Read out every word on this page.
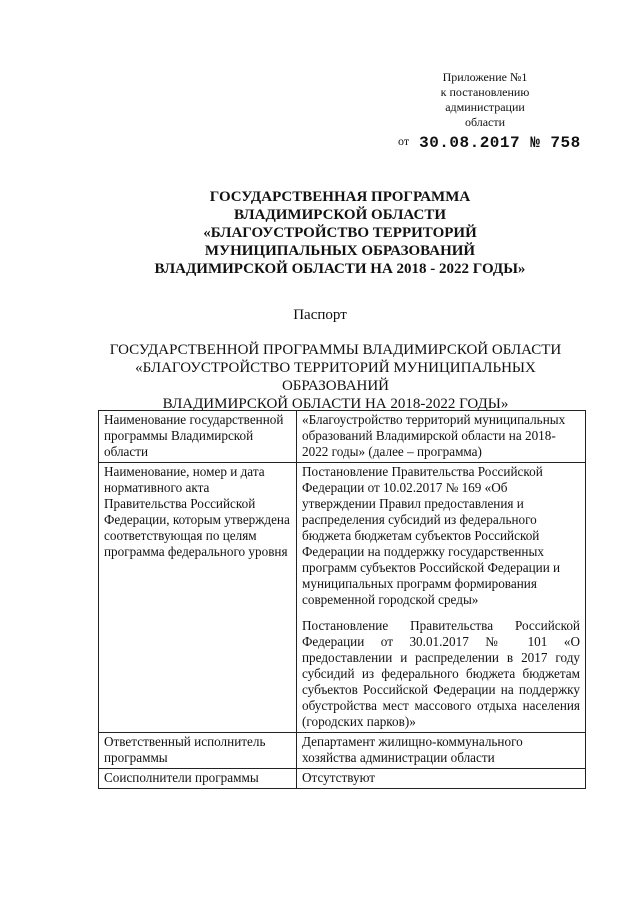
Приложение №1
к постановлению
администрации
области
$^{от}$ 30.08.2017 № 758
ГОСУДАРСТВЕННАЯ ПРОГРАММА
ВЛАДИМИРСКОЙ ОБЛАСТИ
«БЛАГОУСТРОЙСТВО ТЕРРИТОРИЙ
МУНИЦИПАЛЬНЫХ ОБРАЗОВАНИЙ
ВЛАДИМИРСКОЙ ОБЛАСТИ НА 2018 - 2022 ГОДЫ»
Паспорт
ГОСУДАРСТВЕННОЙ ПРОГРАММЫ ВЛАДИМИРСКОЙ ОБЛАСТИ
«БЛАГОУСТРОЙСТВО ТЕРРИТОРИЙ МУНИЦИПАЛЬНЫХ ОБРАЗОВАНИЙ
ВЛАДИМИРСКОЙ ОБЛАСТИ НА 2018-2022 ГОДЫ»
Наименование государственной программы Владимирской области	«Благоустройство территорий муниципальных образований Владимирской области на 2018-2022 годы» (далее – программа)

Наименование, номер и дата нормативного акта Правительства Российской Федерации, которым утверждена соответствующая по целям программа федерального уровня	Постановление Правительства Российской Федерации от 10.02.2017 № 169 «Об утверждении Правил предоставления и распределения субсидий из федерального бюджета бюджетам субъектов Российской Федерации на поддержку государственных программ субъектов Российской Федерации и муниципальных программ формирования современной городской среды»
Постановление Правительства Российской Федерации от 30.01.2017 № 101 «О предоставлении и распределении в 2017 году субсидий из федерального бюджета бюджетам субъектов Российской Федерации на поддержку обустройства мест массового отдыха населения (городских парков)»

Ответственный исполнитель программы	Департамент жилищно-коммунального хозяйства администрации области

Соисполнители программы	Отсутствуют
